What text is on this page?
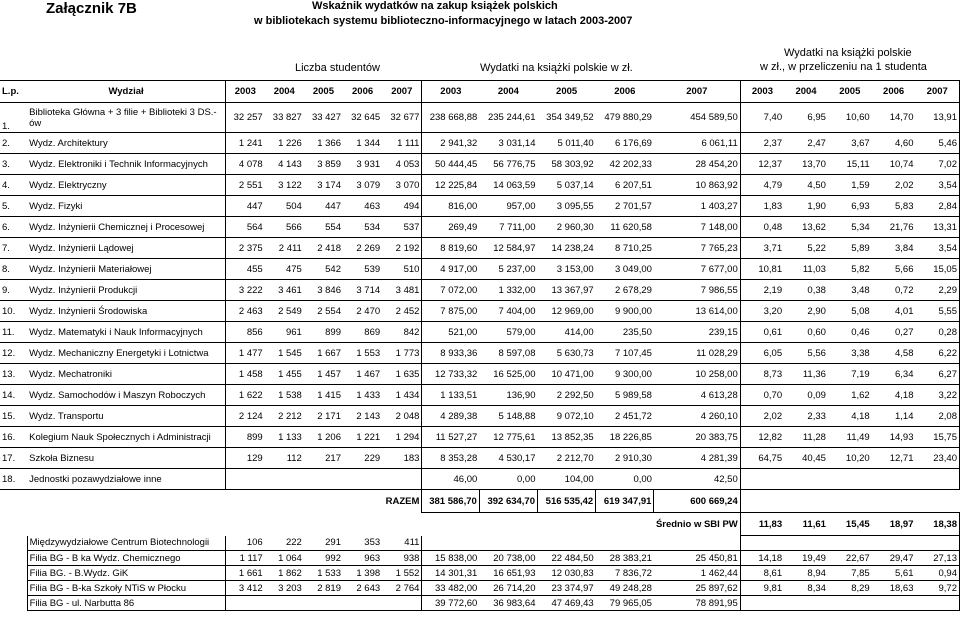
Załącznik 7B	Wskaźnik wydatków na zakup książek polskich
w bibliotekach systemu biblioteczno-informacyjnego w latach 2003-2007
Liczba studentów	Wydatki na książki polskie w zł.
Wydatki na książki polskie
w zł., w przeliczeniu na 1 studenta
L.p.	Wydział	2003	2004	2005	2006	2007	2003	2004	2005	2006	2007	2003	2004	2005	2006	2007
1.	Biblioteka Główna + 3 filie + Biblioteki 3 DS.-ów	32 257	33 827	33 427	32 645	32 677	238 668,88	235 244,61	354 349,52	479 880,29	454 589,50	7,40	6,95	10,60	14,70	13,91
2.	Wydz. Architektury	1 241	1 226	1 366	1 344	1 111	2 941,32	3 031,14	5 011,40	6 176,69	6 061,11	2,37	2,47	3,67	4,60	5,46
3.	Wydz. Elektroniki i Technik Informacyjnych	4 078	4 143	3 859	3 931	4 053	50 444,45	56 776,75	58 303,92	42 202,33	28 454,20	12,37	13,70	15,11	10,74	7,02
4.	Wydz. Elektryczny	2 551	3 122	3 174	3 079	3 070	12 225,84	14 063,59	5 037,14	6 207,51	10 863,92	4,79	4,50	1,59	2,02	3,54
5.	Wydz. Fizyki	447	504	447	463	494	816,00	957,00	3 095,55	2 701,57	1 403,27	1,83	1,90	6,93	5,83	2,84
6.	Wydz. Inżynierii Chemicznej i Procesowej	564	566	554	534	537	269,49	7 711,00	2 960,30	11 620,58	7 148,00	0,48	13,62	5,34	21,76	13,31
7.	Wydz. Inżynierii Lądowej	2 375	2 411	2 418	2 269	2 192	8 819,60	12 584,97	14 238,24	8 710,25	7 765,23	3,71	5,22	5,89	3,84	3,54
8.	Wydz. Inżynierii Materiałowej	455	475	542	539	510	4 917,00	5 237,00	3 153,00	3 049,00	7 677,00	10,81	11,03	5,82	5,66	15,05
9.	Wydz. Inżynierii Produkcji	3 222	3 461	3 846	3 714	3 481	7 072,00	1 332,00	13 367,97	2 678,29	7 986,55	2,19	0,38	3,48	0,72	2,29
10.	Wydz. Inżynierii Środowiska	2 463	2 549	2 554	2 470	2 452	7 875,00	7 404,00	12 969,00	9 900,00	13 614,00	3,20	2,90	5,08	4,01	5,55
11.	Wydz. Matematyki i Nauk Informacyjnych	856	961	899	869	842	521,00	579,00	414,00	235,50	239,15	0,61	0,60	0,46	0,27	0,28
12.	Wydz. Mechaniczny Energetyki i Lotnictwa	1 477	1 545	1 667	1 553	1 773	8 933,36	8 597,08	5 630,73	7 107,45	11 028,29	6,05	5,56	3,38	4,58	6,22
13.	Wydz. Mechatroniki	1 458	1 455	1 457	1 467	1 635	12 733,32	16 525,00	10 471,00	9 300,00	10 258,00	8,73	11,36	7,19	6,34	6,27
14.	Wydz. Samochodów i Maszyn Roboczych	1 622	1 538	1 415	1 433	1 434	1 133,51	136,90	2 292,50	5 989,58	4 613,28	0,70	0,09	1,62	4,18	3,22
15.	Wydz. Transportu	2 124	2 212	2 171	2 143	2 048	4 289,38	5 148,88	9 072,10	2 451,72	4 260,10	2,02	2,33	4,18	1,14	2,08
16.	Kolegium Nauk Społecznych i Administracji	899	1 133	1 206	1 221	1 294	11 527,27	12 775,61	13 852,35	18 226,85	20 383,75	12,82	11,28	11,49	14,93	15,75
17.	Szkoła Biznesu	129	112	217	229	183	8 353,28	4 530,17	2 212,70	2 910,30	4 281,39	64,75	40,45	10,20	12,71	23,40
18.	Jednostki pozawydziałowe inne						46,00	0,00	104,00	0,00	42,50					
						RAZEM	381 586,70	392 634,70	516 535,42	619 347,91	600 669,24					
											Średnio w SBI PW	11,83	11,61	15,45	18,97	18,38
	Międzywydziałowe Centrum Biotechnologii	106	222	291	353	411										
	Filia BG - B ka Wydz. Chemicznego	1 117	1 064	992	963	938	15 838,00	20 738,00	22 484,50	28 383,21	25 450,81	14,18	19,49	22,67	29,47	27,13
	Filia BG. - B.Wydz. GiK	1 661	1 862	1 533	1 398	1 552	14 301,31	16 651,93	12 030,83	7 836,72	1 462,44	8,61	8,94	7,85	5,61	0,94
	Filia BG - B-ka Szkoły NTiS w Płocku	3 412	3 203	2 819	2 643	2 764	33 482,00	26 714,20	23 374,97	49 248,28	25 897,62	9,81	8,34	8,29	18,63	9,72
	Filia BG - ul. Narbutta 86						39 772,60	36 983,64	47 469,43	79 965,05	78 891,95					
